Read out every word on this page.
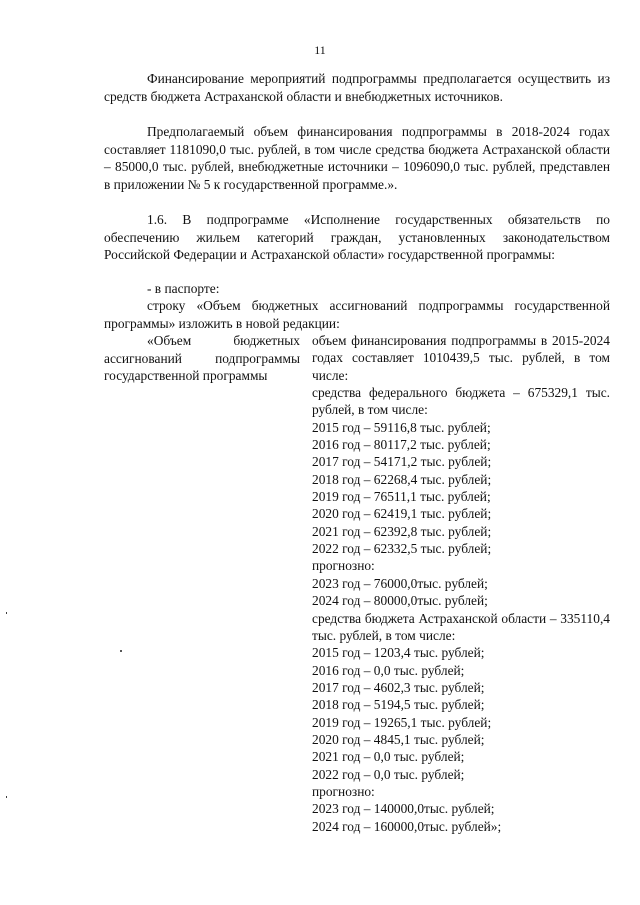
11
Финансирование мероприятий подпрограммы предполагается осуществить из средств бюджета Астраханской области и внебюджетных источников.
Предполагаемый объем финансирования подпрограммы в 2018-2024 годах составляет 1181090,0 тыс. рублей, в том числе средства бюджета Астраханской области – 85000,0 тыс. рублей, внебюджетные источники – 1096090,0 тыс. рублей, представлен в приложении № 5 к государственной программе.».
1.6. В подпрограмме «Исполнение государственных обязательств по обеспечению жильем категорий граждан, установленных законодательством Российской Федерации и Астраханской области» государственной программы:
- в паспорте:
строку «Объем бюджетных ассигнований подпрограммы государственной программы» изложить в новой редакции:
«Объем бюджетных ассигнований подпрограммы государственной программы
объем финансирования подпрограммы в 2015-2024 годах составляет 1010439,5 тыс. рублей, в том числе:
средства федерального бюджета – 675329,1 тыс. рублей, в том числе:
2015 год – 59116,8 тыс. рублей;
2016 год – 80117,2 тыс. рублей;
2017 год – 54171,2 тыс. рублей;
2018 год – 62268,4 тыс. рублей;
2019 год – 76511,1 тыс. рублей;
2020 год – 62419,1 тыс. рублей;
2021 год – 62392,8 тыс. рублей;
2022 год – 62332,5 тыс. рублей;
прогнозно:
2023 год – 76000,0тыс. рублей;
2024 год – 80000,0тыс. рублей;
средства бюджета Астраханской области – 335110,4 тыс. рублей, в том числе:
2015 год – 1203,4 тыс. рублей;
2016 год – 0,0 тыс. рублей;
2017 год – 4602,3 тыс. рублей;
2018 год – 5194,5 тыс. рублей;
2019 год – 19265,1 тыс. рублей;
2020 год – 4845,1 тыс. рублей;
2021 год – 0,0 тыс. рублей;
2022 год – 0,0 тыс. рублей;
прогнозно:
2023 год – 140000,0тыс. рублей;
2024 год – 160000,0тыс. рублей»;
